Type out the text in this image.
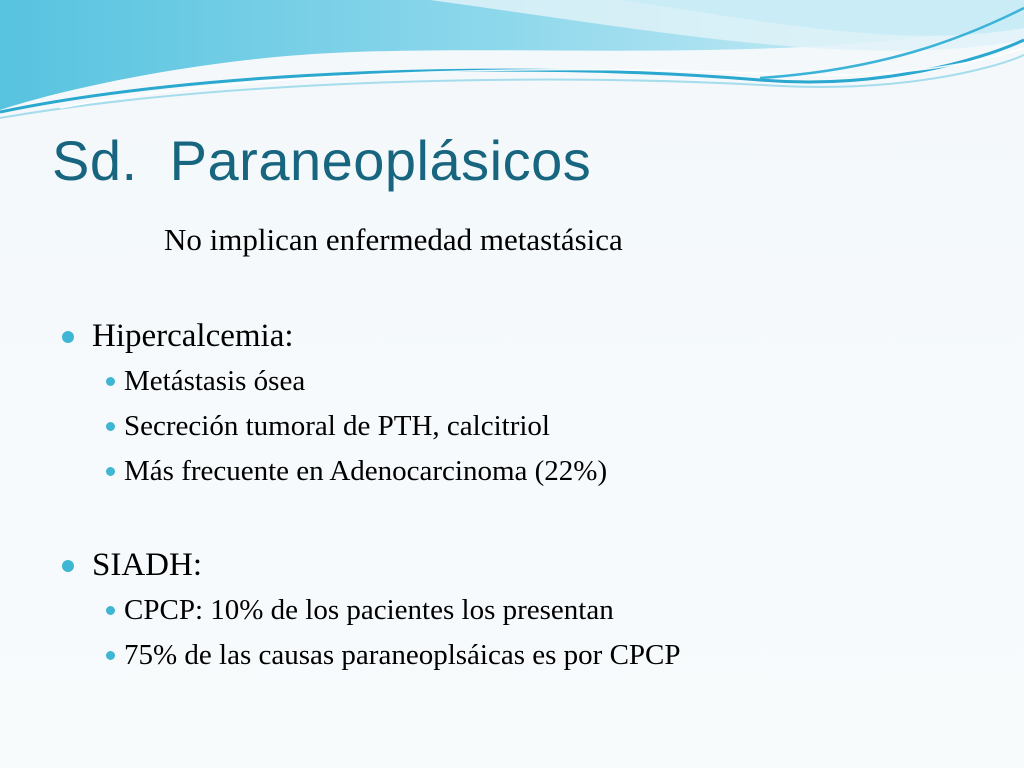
Sd.  Paraneoplásicos
No implican enfermedad metastásica
Hipercalcemia:
Metástasis ósea
Secreción tumoral de PTH, calcitriol
Más frecuente en Adenocarcinoma (22%)
SIADH:
CPCP: 10% de los pacientes los presentan
75% de las causas paraneoplsáicas es por CPCP
